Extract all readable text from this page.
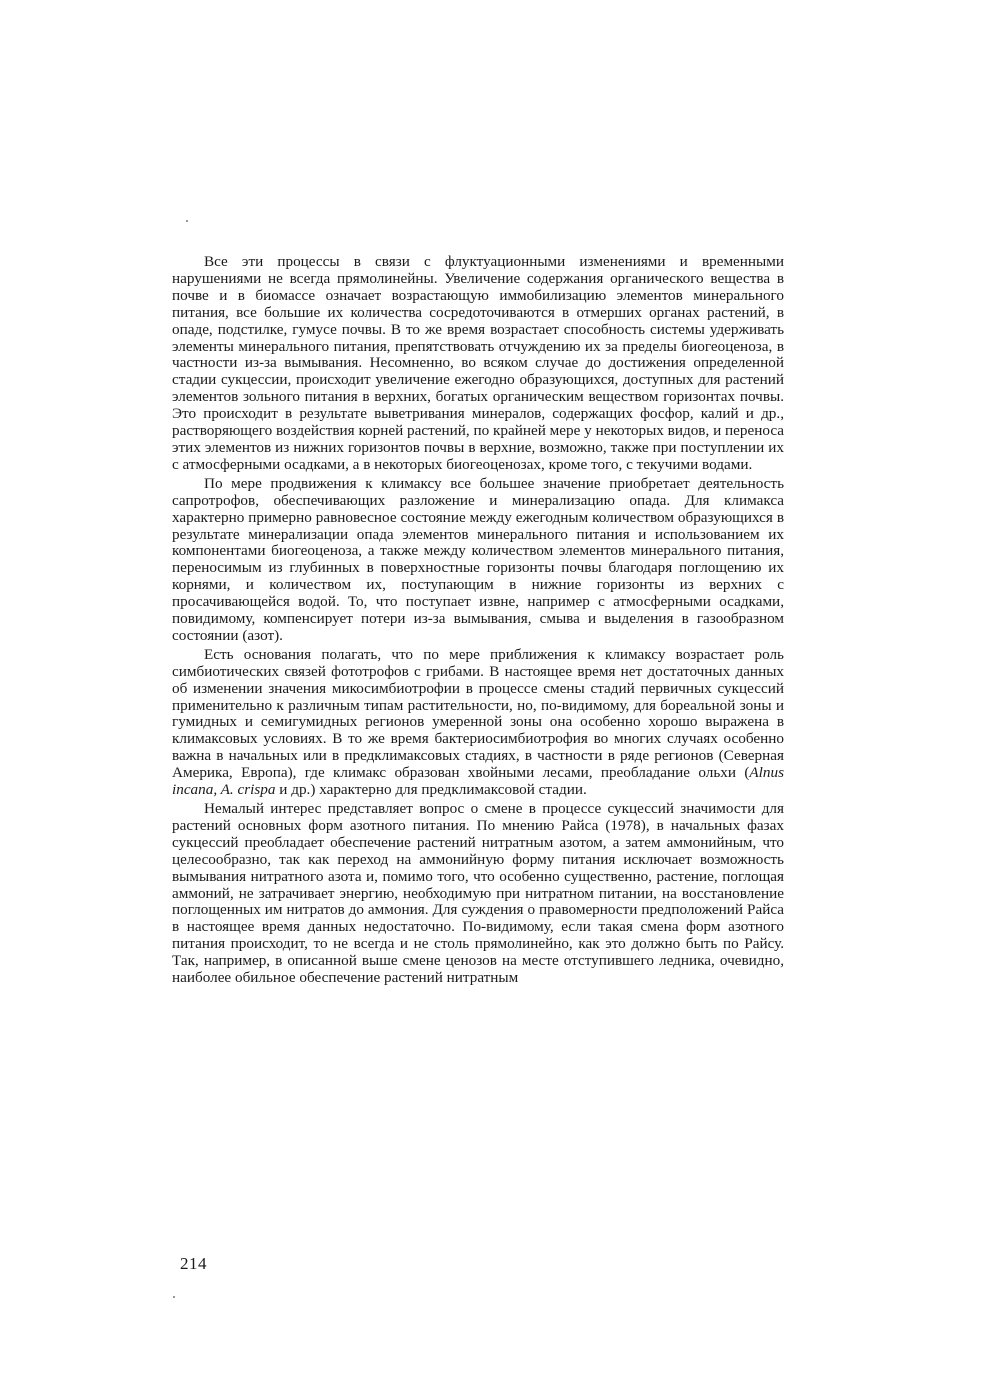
Все эти процессы в связи с флуктуационными изменениями и временными нарушениями не всегда прямолинейны. Увеличение содержания органического вещества в почве и в биомассе означает возрастающую иммобилизацию элементов минерального питания, все большие их количества сосредоточиваются в отмерших органах растений, в опаде, подстилке, гумусе почвы. В то же время возрастает способность системы удерживать элементы минерального питания, препятствовать отчуждению их за пределы биогеоценоза, в частности из-за вымывания. Несомненно, во всяком случае до достижения определенной стадии сукцессии, происходит увеличение ежегодно образующихся, доступных для растений элементов зольного питания в верхних, богатых органическим веществом горизонтах почвы. Это происходит в результате выветривания минералов, содержащих фосфор, калий и др., растворяющего воздействия корней растений, по крайней мере у некоторых видов, и переноса этих элементов из нижних горизонтов почвы в верхние, возможно, также при поступлении их с атмосферными осадками, а в некоторых биогеоценозах, кроме того, с текучими водами.

По мере продвижения к климаксу все большее значение приобретает деятельность сапротрофов, обеспечивающих разложение и минерализацию опада. Для климакса характерно примерно равновесное состояние между ежегодным количеством образующихся в результате минерализации опада элементов минерального питания и использованием их компонентами биогеоценоза, а также между количеством элементов минерального питания, переносимым из глубинных в поверхностные горизонты почвы благодаря поглощению их корнями, и количеством их, поступающим в нижние горизонты из верхних с просачивающейся водой. То, что поступает извне, например с атмосферными осадками, повидимому, компенсирует потери из-за вымывания, смыва и выделения в газообразном состоянии (азот).

Есть основания полагать, что по мере приближения к климаксу возрастает роль симбиотических связей фототрофов с грибами. В настоящее время нет достаточных данных об изменении значения микосимбиотрофии в процессе смены стадий первичных сукцессий применительно к различным типам растительности, но, по-видимому, для бореальной зоны и гумидных и семигумидных регионов умеренной зоны она особенно хорошо выражена в климаксовых условиях. В то же время бактериосимбиотрофия во многих случаях особенно важна в начальных или в предклимаксовых стадиях, в частности в ряде регионов (Северная Америка, Европа), где климакс образован хвойными лесами, преобладание ольхи (Alnus incana, A. crispa и др.) характерно для предклимаксовой стадии.

Немалый интерес представляет вопрос о смене в процессе сукцессий значимости для растений основных форм азотного питания. По мнению Райса (1978), в начальных фазах сукцессий преобладает обеспечение растений нитратным азотом, а затем аммонийным, что целесообразно, так как переход на аммонийную форму питания исключает возможность вымывания нитратного азота и, помимо того, что особенно существенно, растение, поглощая аммоний, не затрачивает энергию, необходимую при нитратном питании, на восстановление поглощенных им нитратов до аммония. Для суждения о правомерности предположений Райса в настоящее время данных недостаточно. По-видимому, если такая смена форм азотного питания происходит, то не всегда и не столь прямолинейно, как это должно быть по Райсу. Так, например, в описанной выше смене ценозов на месте отступившего ледника, очевидно, наиболее обильное обеспечение растений нитратным

214
